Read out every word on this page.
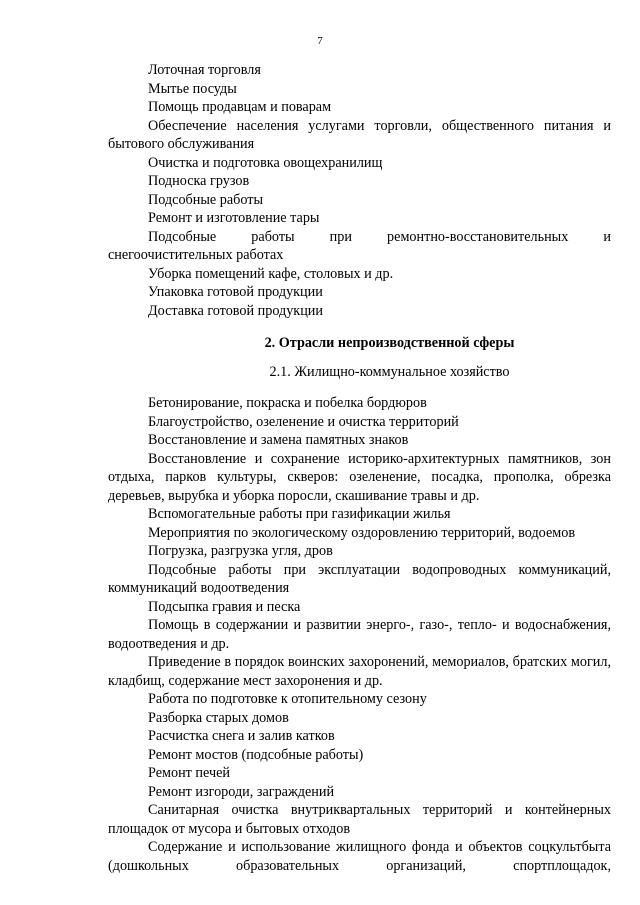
7

Лоточная торговля

Мытье посуды

Помощь продавцам и поварам

Обеспечение населения услугами торговли, общественного питания и бытового обслуживания

Очистка и подготовка овощехранилищ

Подноска грузов

Подсобные работы

Ремонт и изготовление тары

Подсобные работы при ремонтно-восстановительных и снегоочистительных работах

Уборка помещений кафе, столовых и др.

Упаковка готовой продукции

Доставка готовой продукции

2. Отрасли непроизводственной сферы
2.1. Жилищно-коммунальное хозяйство

Бетонирование, покраска и побелка бордюров

Благоустройство, озеленение и очистка территорий

Восстановление и замена памятных знаков

Восстановление и сохранение историко-архитектурных памятников, зон отдыха, парков культуры, скверов: озеленение, посадка, прополка, обрезка деревьев, вырубка и уборка поросли, скашивание травы и др.

Вспомогательные работы при газификации жилья

Мероприятия по экологическому оздоровлению территорий, водоемов

Погрузка, разгрузка угля, дров

Подсобные работы при эксплуатации водопроводных коммуникаций, коммуникаций водоотведения

Подсыпка гравия и песка

Помощь в содержании и развитии энерго-, газо-, тепло- и водоснабжения, водоотведения и др.

Приведение в порядок воинских захоронений, мемориалов, братских могил, кладбищ, содержание мест захоронения и др.

Работа по подготовке к отопительному сезону

Разборка старых домов

Расчистка снега и залив катков

Ремонт мостов (подсобные работы)

Ремонт печей

Ремонт изгороди, заграждений

Санитарная очистка внутриквартальных территорий и контейнерных площадок от мусора и бытовых отходов

Содержание и использование жилищного фонда и объектов соцкультбыта (дошкольных образовательных организаций, спортплощадок,
